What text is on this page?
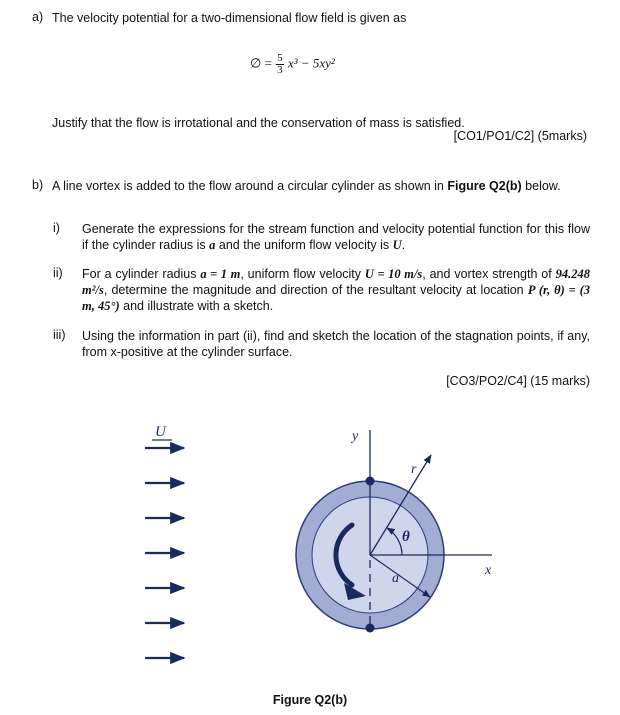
a) The velocity potential for a two-dimensional flow field is given as
∅ = $\frac{5}{3} x^3 - 5xy^2$
Justify that the flow is irrotational and the conservation of mass is satisfied.
[CO1/PO1/C2] (5marks)
b) A line vortex is added to the flow around a circular cylinder as shown in Figure Q2(b) below.
i) Generate the expressions for the stream function and velocity potential function for this flow if the cylinder radius is a and the uniform flow velocity is U.
ii) For a cylinder radius a = 1 m, uniform flow velocity U = 10 m/s, and vortex strength of 94.248 m²/s, determine the magnitude and direction of the resultant velocity at location P (r, θ) = (3 m, 45°) and illustrate with a sketch.
iii) Using the information in part (ii), find and sketch the location of the stagnation points, if any, from x-positive at the cylinder surface.
[CO3/PO2/C4] (15 marks)
U	y
x
r
θ
a
Figure Q2(b)
